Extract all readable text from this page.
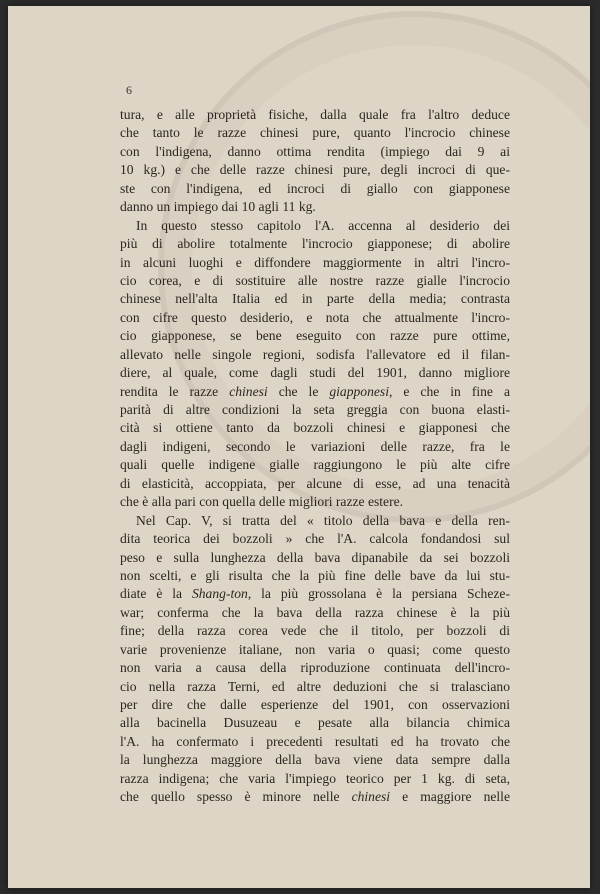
6
tura, e alle proprietà fisiche, dalla quale fra l'altro deduce
che tanto le razze chinesi pure, quanto l'incrocio chinese
con l'indigena, danno ottima rendita (impiego dai 9 ai
10 kg.) e che delle razze chinesi pure, degli incroci di que-
ste con l'indigena, ed incroci di giallo con giapponese
danno un impiego dai 10 agli 11 kg.
In questo stesso capitolo l'A. accenna al desiderio dei
più di abolire totalmente l'incrocio giapponese; di abolire
in alcuni luoghi e diffondere maggiormente in altri l'incro-
cio corea, e di sostituire alle nostre razze gialle l'incrocio
chinese nell'alta Italia ed in parte della media; contrasta
con cifre questo desiderio, e nota che attualmente l'incro-
cio giapponese, se bene eseguito con razze pure ottime,
allevato nelle singole regioni, sodisfa l'allevatore ed il filan-
diere, al quale, come dagli studi del 1901, danno migliore
rendita le razze chinesi che le giapponesi, e che in fine a
parità di altre condizioni la seta greggia con buona elasti-
cità si ottiene tanto da bozzoli chinesi e giapponesi che
dagli indigeni, secondo le variazioni delle razze, fra le
quali quelle indigene gialle raggiungono le più alte cifre
di elasticità, accoppiata, per alcune di esse, ad una tenacità
che è alla pari con quella delle migliori razze estere.
Nel Cap. V, si tratta del « titolo della bava e della ren-
dita teorica dei bozzoli » che l'A. calcola fondandosi sul
peso e sulla lunghezza della bava dipanabile da sei bozzoli
non scelti, e gli risulta che la più fine delle bave da lui stu-
diate è la Shang-ton, la più grossolana è la persiana Scheze-
war; conferma che la bava della razza chinese è la più
fine; della razza corea vede che il titolo, per bozzoli di
varie provenienze italiane, non varia o quasi; come questo
non varia a causa della riproduzione continuata dell'incro-
cio nella razza Terni, ed altre deduzioni che si tralasciano
per dire che dalle esperienze del 1901, con osservazioni
alla bacinella Dusuzeau e pesate alla bilancia chimica
l'A. ha confermato i precedenti resultati ed ha trovato che
la lunghezza maggiore della bava viene data sempre dalla
razza indigena; che varia l'impiego teorico per 1 kg. di seta,
che quello spesso è minore nelle chinesi e maggiore nelle
